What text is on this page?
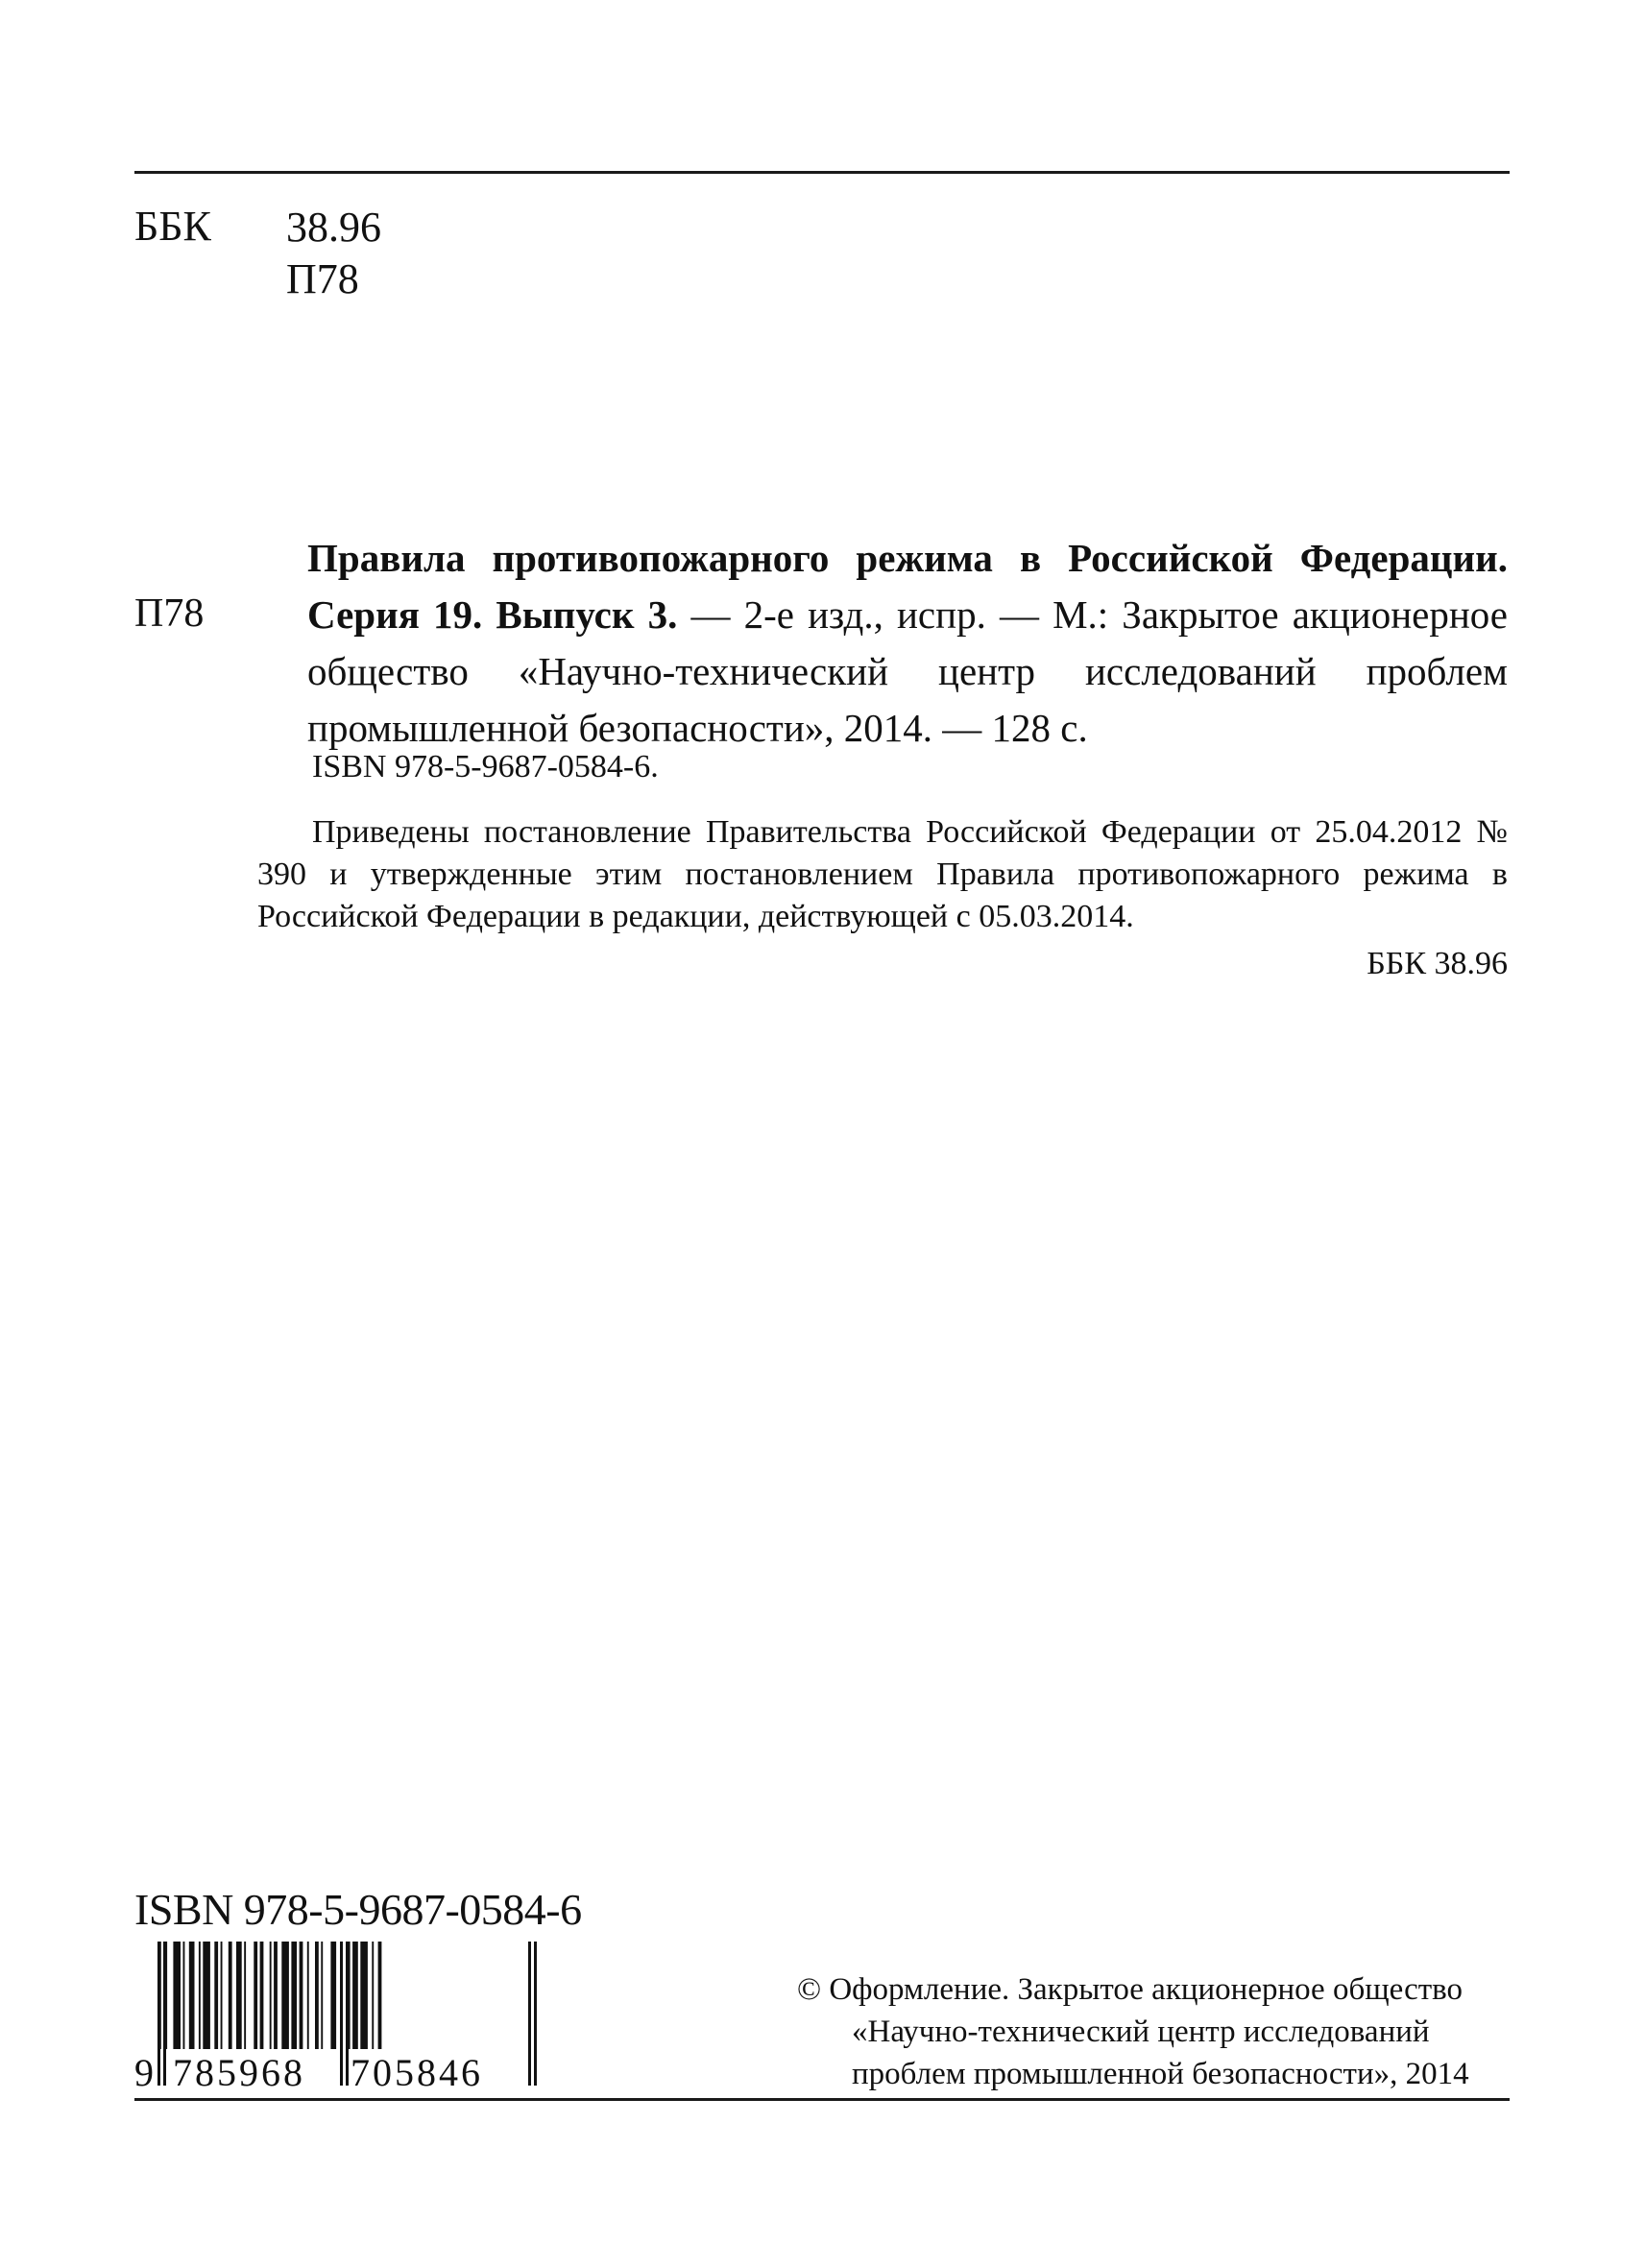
ББК 38.96
П78
П78
Правила противопожарного режима в Российской Федерации. Серия 19. Выпуск 3. — 2-е изд., испр. — М.: Закрытое акционерное общество «Научно-технический центр исследований проблем промышленной безопасности», 2014. — 128 с.
ISBN 978-5-9687-0584-6.
Приведены постановление Правительства Российской Федерации от 25.04.2012 № 390 и утвержденные этим постановлением Правила противопожарного режима в Российской Федерации в редакции, действующей с 05.03.2014.
ББК 38.96
ISBN 978-5-9687-0584-6
9 785968 705846
© Оформление. Закрытое акционерное общество
«Научно-технический центр исследований
проблем промышленной безопасности», 2014
